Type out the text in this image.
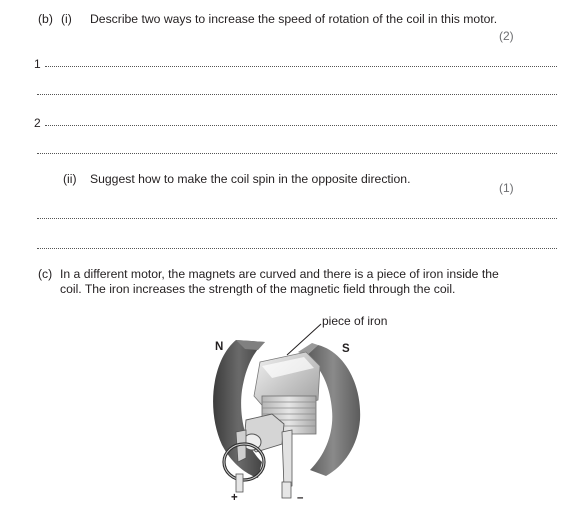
(b) (i) Describe two ways to increase the speed of rotation of the coil in this motor.
(2)
1
2
(ii) Suggest how to make the coil spin in the opposite direction.
(1)
(c) In a different motor, the magnets are curved and there is a piece of iron inside the
coil. The iron increases the strength of the magnetic field through the coil.
piece of iron
N	S
+	–
